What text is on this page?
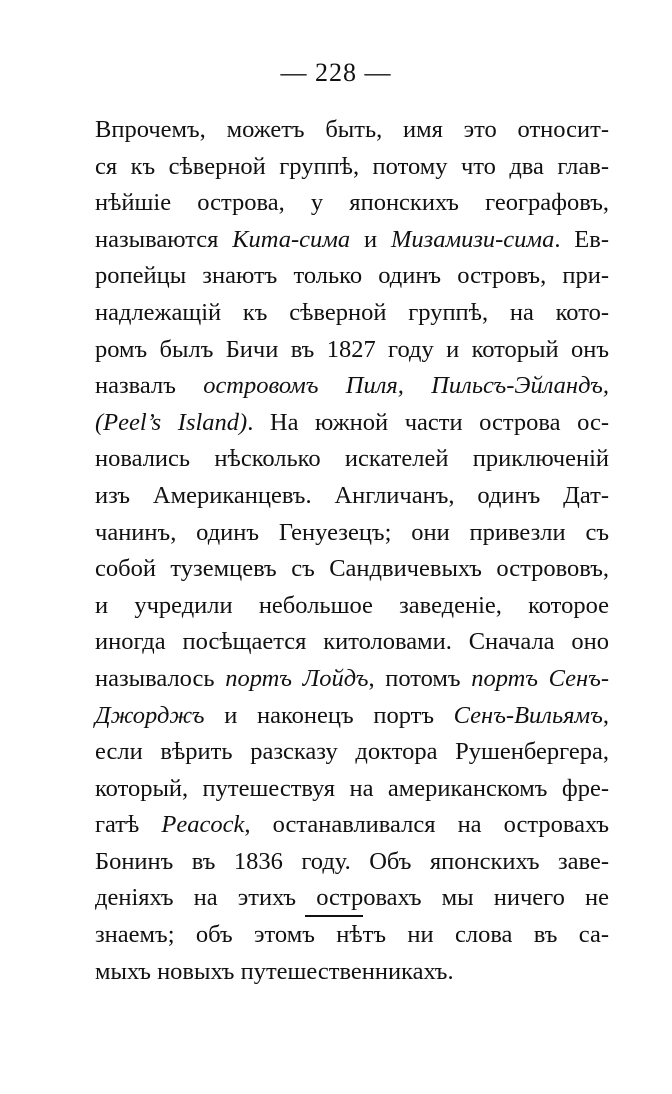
— 228 —

Впрочемъ, можетъ быть, имя это относит-
ся къ сѣверной группѣ, потому что два глав-
нѣйшіе острова, у японскихъ географовъ,
называются Кита-сима и Мизамизи-сима. Ев-
ропейцы знаютъ только одинъ островъ, при-
надлежащій къ сѣверной группѣ, на кото-
ромъ былъ Бичи въ 1827 году и который онъ
назвалъ островомъ Пиля, Пильсъ-Эйландъ,
(Peel’s Island). На южной части острова ос-
новались нѣсколько искателей приключеній
изъ Американцевъ. Англичанъ, одинъ Дат-
чанинъ, одинъ Генуезецъ; они привезли съ
собой туземцевъ съ Сандвичевыхъ острововъ,
и учредили небольшое заведеніе, которое
иногда посѣщается китоловами. Сначала оно
называлось портъ Лойдъ, потомъ портъ Сенъ-
Джорджъ и наконецъ портъ Сенъ-Вильямъ,
если вѣрить разсказу доктора Рушенбергера,
который, путешествуя на американскомъ фре-
гатѣ Peacock, останавливался на островахъ
Бонинъ въ 1836 году. Объ японскихъ заве-
деніяхъ на этихъ островахъ мы ничего не
знаемъ; объ этомъ нѣтъ ни слова въ са-
мыхъ новыхъ путешественникахъ.
